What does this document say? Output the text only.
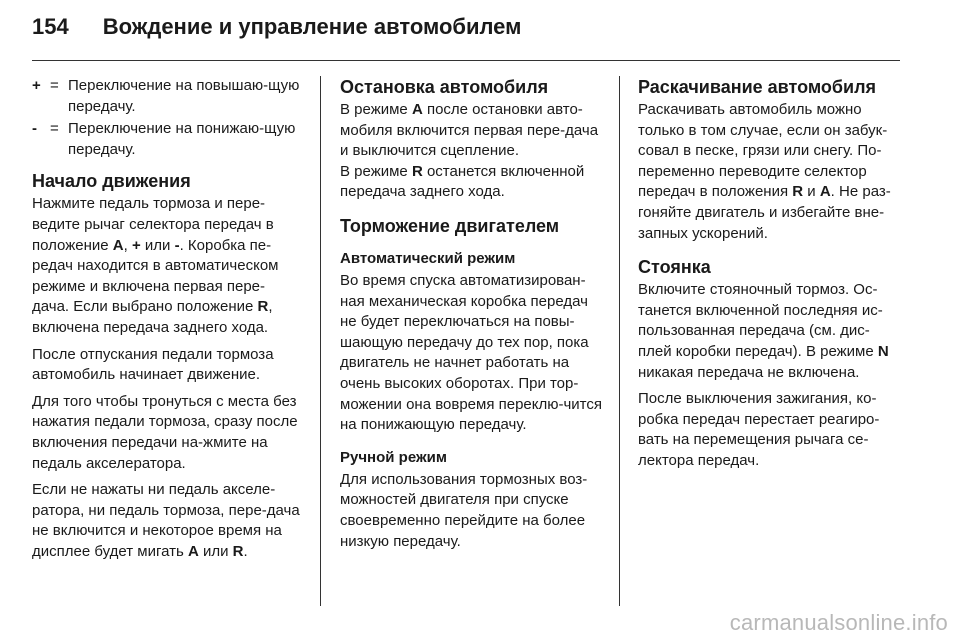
154 Вождение и управление автомобилем
+ = Переключение на повышаю-щую передачу.
- = Переключение на понижаю-щую передачу.
Начало движения

Нажмите педаль тормоза и пере-ведите рычаг селектора передач в положение A, + или -. Коробка пе-редач находится в автоматическом режиме и включена первая пере-дача. Если выбрано положение R, включена передача заднего хода.

После отпускания педали тормоза автомобиль начинает движение.

Для того чтобы тронуться с места без нажатия педали тормоза, сразу после включения передачи на-жмите на педаль акселератора.

Если не нажаты ни педаль акселе-ратора, ни педаль тормоза, пере-дача не включится и некоторое время на дисплее будет мигать A или R.

Остановка автомобиля

В режиме A после остановки авто-мобиля включится первая пере-дача и выключится сцепление.

В режиме R останется включенной передача заднего хода.

Торможение двигателем
Автоматический режим

Во время спуска автоматизирован-ная механическая коробка передач не будет переключаться на повы-шающую передачу до тех пор, пока двигатель не начнет работать на очень высоких оборотах. При тор-можении она вовремя переклю-чится на понижающую передачу.

Ручной режим

Для использования тормозных воз-можностей двигателя при спуске своевременно перейдите на более низкую передачу.

Раскачивание автомобиля

Раскачивать автомобиль можно только в том случае, если он забук-совал в песке, грязи или снегу. По-переменно переводите селектор передач в положения R и A. Не раз-гоняйте двигатель и избегайте вне-запных ускорений.

Стоянка

Включите стояночный тормоз. Ос-танется включенной последняя ис-пользованная передача (см. дис-плей коробки передач). В режиме N никакая передача не включена.

После выключения зажигания, ко-робка передач перестает реагиро-вать на перемещения рычага се-лектора передач.

carmanualsonline.info
